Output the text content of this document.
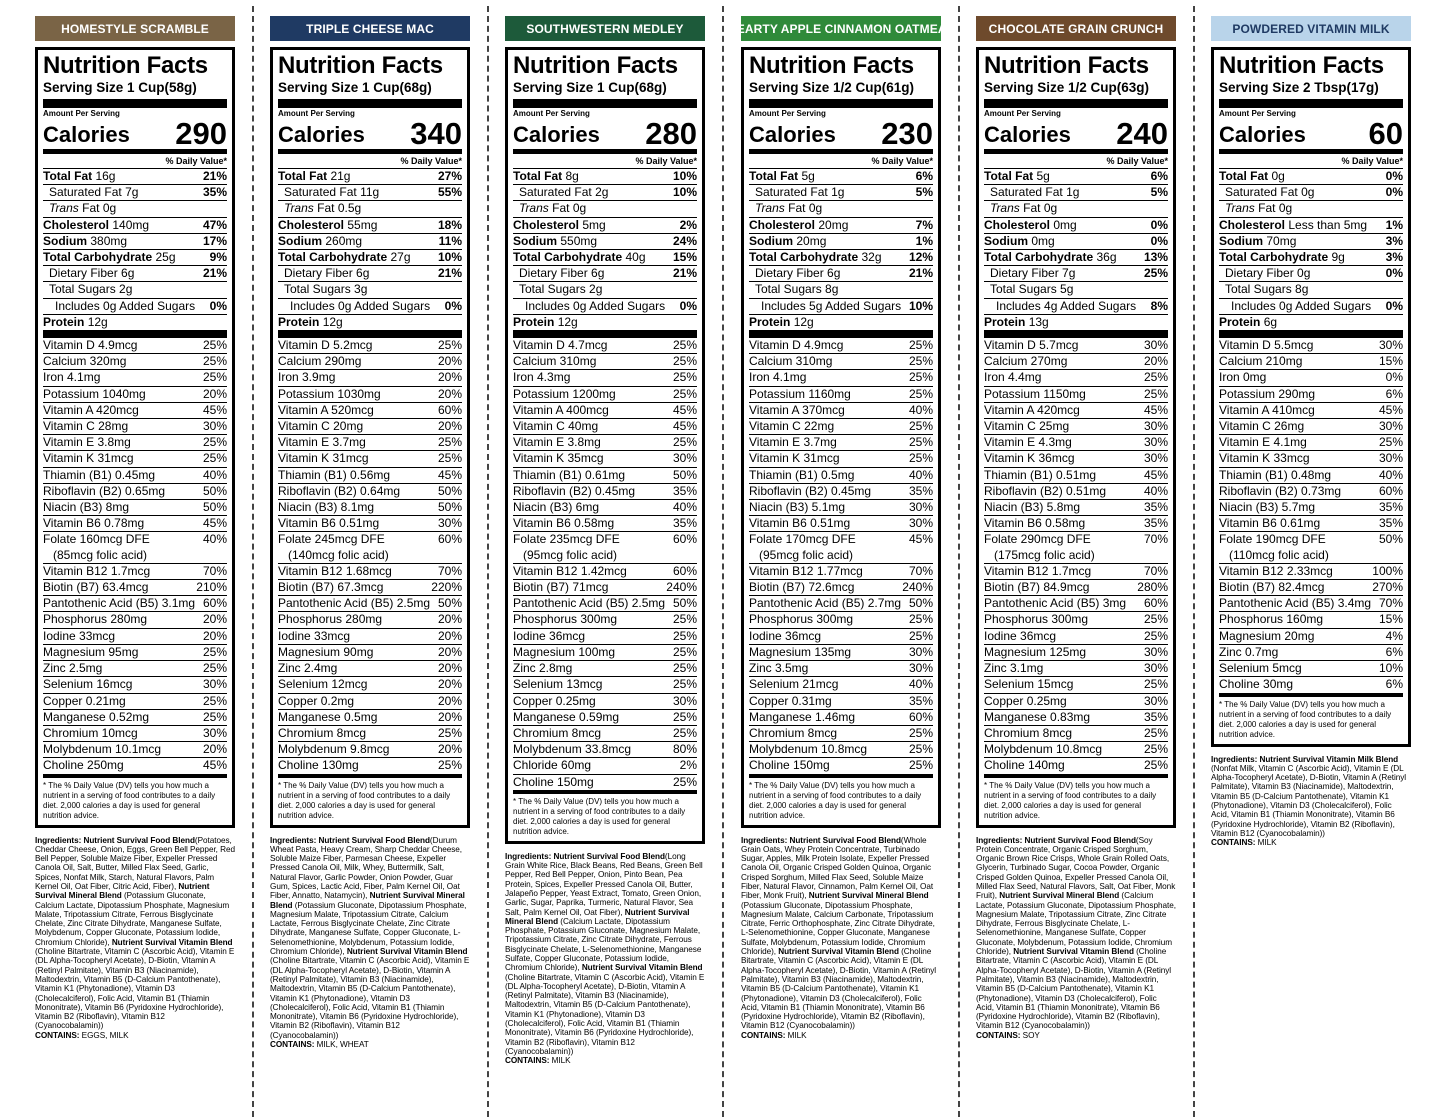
HOMESTYLE SCRAMBLE
Nutrition Facts
Serving Size 1 Cup(58g)
Amount Per Serving
Calories 290
% Daily Value*
Total Fat 16g	21%
Saturated Fat 7g	35%
Trans Fat 0g
Cholesterol 140mg	47%
Sodium 380mg	17%
Total Carbohydrate 25g	9%
Dietary Fiber 6g	21%
Total Sugars 2g
Includes 0g Added Sugars 0%
Protein 12g
Vitamin D 4.9mcg	25%
Calcium 320mg	25%
Iron 4.1mg	25%
Potassium 1040mg	20%
Vitamin A 420mcg	45%
Vitamin C 28mg	30%
Vitamin E 3.8mg	25%
Vitamin K 31mcg	25%
Thiamin (B1) 0.45mg	40%
Riboflavin (B2) 0.65mg	50%
Niacin (B3) 8mg	50%
Vitamin B6 0.78mg	45%
Folate 160mcg DFE	40%
(85mcg folic acid)
Vitamin B12 1.7mcg	70%
Biotin (B7) 63.4mcg	210%
Pantothenic Acid (B5) 3.1mg 60%
Phosphorus 280mg	20%
Iodine 33mcg	20%
Magnesium 95mg	25%
Zinc 2.5mg	25%
Selenium 16mcg	30%
Copper 0.21mg	25%
Manganese 0.52mg	25%
Chromium 10mcg	30%
Molybdenum 10.1mcg	20%
Choline 250mg	45%
* The % Daily Value (DV) tells you how much a nutrient in a serving of food contributes to a daily diet. 2,000 calories a day is used for general nutrition advice.
Ingredients: Nutrient Survival Food Blend(Potatoes, Cheddar Cheese, Onion, Eggs, Green Bell Pepper, Red Bell Pepper, Soluble Maize Fiber, Expeller Pressed Canola Oil, Salt, Butter, Milled Flax Seed, Garlic, Spices, Nonfat Milk, Starch, Natural Flavors, Palm Kernel Oil, Oat Fiber, Citric Acid, Fiber), Nutrient Survival Mineral Blend (Potassium Gluconate, Calcium Lactate, Dipotassium Phosphate, Magnesium Malate, Tripotassium Citrate, Ferrous Bisglycinate Chelate, Zinc Citrate Dihydrate, Manganese Sulfate, Molybdenum, Copper Gluconate, Potassium Iodide, Chromium Chloride), Nutrient Survival Vitamin Blend (Choline Bitartrate, Vitamin C (Ascorbic Acid), Vitamin E (DL Alpha-Tocopheryl Acetate), D-Biotin, Vitamin A (Retinyl Palmitate), Vitamin B3 (Niacinamide), Maltodextrin, Vitamin B5 (D-Calcium Pantothenate), Vitamin K1 (Phytonadione), Vitamin D3 (Cholecalciferol), Folic Acid, Vitamin B1 (Thiamin Mononitrate), Vitamin B6 (Pyridoxine Hydrochloride), Vitamin B2 (Riboflavin), Vitamin B12 (Cyanocobalamin))
CONTAINS: EGGS, MILK
TRIPLE CHEESE MAC
Nutrition Facts
Serving Size 1 Cup(68g)
Amount Per Serving
Calories 340
% Daily Value*
Total Fat 21g	27%
Saturated Fat 11g	55%
Trans Fat 0.5g
Cholesterol 55mg	18%
Sodium 260mg	11%
Total Carbohydrate 27g 10%
Dietary Fiber 6g	21%
Total Sugars 3g
Includes 0g Added Sugars 0%
Protein 12g
Vitamin D 5.2mcg	25%
Calcium 290mg	20%
Iron 3.9mg	20%
Potassium 1030mg	20%
Vitamin A 520mcg	60%
Vitamin C 20mg	20%
Vitamin E 3.7mg	25%
Vitamin K 31mcg	25%
Thiamin (B1) 0.56mg	45%
Riboflavin (B2) 0.64mg	50%
Niacin (B3) 8.1mg	50%
Vitamin B6 0.51mg	30%
Folate 245mcg DFE	60%
(140mcg folic acid)
Vitamin B12 1.68mcg	70%
Biotin (B7) 67.3mcg	220%
Pantothenic Acid (B5) 2.5mg 50%
Phosphorus 280mg	20%
Iodine 33mcg	20%
Magnesium 90mg	20%
Zinc 2.4mg	20%
Selenium 12mcg	20%
Copper 0.2mg	20%
Manganese 0.5mg	20%
Chromium 8mcg	25%
Molybdenum 9.8mcg	20%
Choline 130mg	25%
* The % Daily Value (DV) tells you how much a nutrient in a serving of food contributes to a daily diet. 2,000 calories a day is used for general nutrition advice.
Ingredients: Nutrient Survival Food Blend(Durum Wheat Pasta, Heavy Cream, Sharp Cheddar Cheese, Soluble Maize Fiber, Parmesan Cheese, Expeller Pressed Canola Oil, Milk, Whey, Buttermilk, Salt, Natural Flavor, Garlic Powder, Onion Powder, Guar Gum, Spices, Lactic Acid, Fiber, Palm Kernel Oil, Oat Fiber, Annatto, Natamycin), Nutrient Survival Mineral Blend (Potassium Gluconate, Dipotassium Phosphate, Magnesium Malate, Tripotassium Citrate, Calcium Lactate, Ferrous Bisglycinate Chelate, Zinc Citrate Dihydrate, Manganese Sulfate, Copper Gluconate, L-Selenomethionine, Molybdenum, Potassium Iodide, Chromium Chloride), Nutrient Survival Vitamin Blend (Choline Bitartrate, Vitamin C (Ascorbic Acid), Vitamin E (DL Alpha-Tocopheryl Acetate), D-Biotin, Vitamin A (Retinyl Palmitate), Vitamin B3 (Niacinamide), Maltodextrin, Vitamin B5 (D-Calcium Pantothenate), Vitamin K1 (Phytonadione), Vitamin D3 (Cholecalciferol), Folic Acid, Vitamin B1 (Thiamin Mononitrate), Vitamin B6 (Pyridoxine Hydrochloride), Vitamin B2 (Riboflavin), Vitamin B12 (Cyanocobalamin))
CONTAINS: MILK, WHEAT
SOUTHWESTERN MEDLEY
Nutrition Facts
Serving Size 1 Cup(68g)
Amount Per Serving
Calories 280
% Daily Value*
Total Fat 8g	10%
Saturated Fat 2g	10%
Trans Fat 0g
Cholesterol 5mg	2%
Sodium 550mg	24%
Total Carbohydrate 40g 15%
Dietary Fiber 6g	21%
Total Sugars 2g
Includes 0g Added Sugars 0%
Protein 12g
Vitamin D 4.7mcg	25%
Calcium 310mg	25%
Iron 4.3mg	25%
Potassium 1200mg	25%
Vitamin A 400mcg	45%
Vitamin C 40mg	45%
Vitamin E 3.8mg	25%
Vitamin K 35mcg	30%
Thiamin (B1) 0.61mg	50%
Riboflavin (B2) 0.45mg	35%
Niacin (B3) 6mg	40%
Vitamin B6 0.58mg	35%
Folate 235mcg DFE	60%
(95mcg folic acid)
Vitamin B12 1.42mcg	60%
Biotin (B7) 71mcg	240%
Pantothenic Acid (B5) 2.5mg 50%
Phosphorus 300mg	25%
Iodine 36mcg	25%
Magnesium 100mg	25%
Zinc 2.8mg	25%
Selenium 13mcg	25%
Copper 0.25mg	30%
Manganese 0.59mg	25%
Chromium 8mcg	25%
Molybdenum 33.8mcg	80%
Chloride 60mg	2%
Choline 150mg	25%
* The % Daily Value (DV) tells you how much a nutrient in a serving of food contributes to a daily diet. 2,000 calories a day is used for general nutrition advice.
Ingredients: Nutrient Survival Food Blend(Long Grain White Rice, Black Beans, Red Beans, Green Bell Pepper, Red Bell Pepper, Onion, Pinto Bean, Pea Protein, Spices, Expeller Pressed Canola Oil, Butter, Jalapeño Pepper, Yeast Extract, Tomato, Green Onion, Garlic, Sugar, Paprika, Turmeric, Natural Flavor, Sea Salt, Palm Kernel Oil, Oat Fiber), Nutrient Survival Mineral Blend (Calcium Lactate, Dipotassium Phosphate, Potassium Gluconate, Magnesium Malate, Tripotassium Citrate, Zinc Citrate Dihydrate, Ferrous Bisglycinate Chelate, L-Selenomethionine, Manganese Sulfate, Copper Gluconate, Potassium Iodide, Chromium Chloride), Nutrient Survival Vitamin Blend (Choline Bitartrate, Vitamin C (Ascorbic Acid), Vitamin E (DL Alpha-Tocopheryl Acetate), D-Biotin, Vitamin A (Retinyl Palmitate), Vitamin B3 (Niacinamide), Maltodextrin, Vitamin B5 (D-Calcium Pantothenate), Vitamin K1 (Phytonadione), Vitamin D3 (Cholecalciferol), Folic Acid, Vitamin B1 (Thiamin Mononitrate), Vitamin B6 (Pyridoxine Hydrochloride), Vitamin B2 (Riboflavin), Vitamin B12 (Cyanocobalamin))
CONTAINS: MILK
HEARTY APPLE CINNAMON OATMEAL
Nutrition Facts
Serving Size 1/2 Cup(61g)
Amount Per Serving
Calories 230
% Daily Value*
Total Fat 5g	6%
Saturated Fat 1g	5%
Trans Fat 0g
Cholesterol 20mg	7%
Sodium 20mg	1%
Total Carbohydrate 32g 12%
Dietary Fiber 6g	21%
Total Sugars 8g
Includes 5g Added Sugars 10%
Protein 12g
Vitamin D 4.9mcg	25%
Calcium 310mg	25%
Iron 4.1mg	25%
Potassium 1160mg	25%
Vitamin A 370mcg	40%
Vitamin C 22mg	25%
Vitamin E 3.7mg	25%
Vitamin K 31mcg	25%
Thiamin (B1) 0.5mg	40%
Riboflavin (B2) 0.45mg	35%
Niacin (B3) 5.1mg	30%
Vitamin B6 0.51mg	30%
Folate 170mcg DFE	45%
(95mcg folic acid)
Vitamin B12 1.77mcg	70%
Biotin (B7) 72.6mcg	240%
Pantothenic Acid (B5) 2.7mg 50%
Phosphorus 300mg	25%
Iodine 36mcg	25%
Magnesium 135mg	30%
Zinc 3.5mg	30%
Selenium 21mcg	40%
Copper 0.31mg	35%
Manganese 1.46mg	60%
Chromium 8mcg	25%
Molybdenum 10.8mcg	25%
Choline 150mg	25%
* The % Daily Value (DV) tells you how much a nutrient in a serving of food contributes to a daily diet. 2,000 calories a day is used for general nutrition advice.
Ingredients: Nutrient Survival Food Blend(Whole Grain Oats, Whey Protein Concentrate, Turbinado Sugar, Apples, Milk Protein Isolate, Expeller Pressed Canola Oil, Organic Crisped Golden Quinoa, Organic Crisped Sorghum, Milled Flax Seed, Soluble Maize Fiber, Natural Flavor, Cinnamon, Palm Kernel Oil, Oat Fiber, Monk Fruit), Nutrient Survival Mineral Blend (Potassium Gluconate, Dipotassium Phosphate, Magnesium Malate, Calcium Carbonate, Tripotassium Citrate, Ferric Orthophosphate, Zinc Citrate Dihydrate, L-Selenomethionine, Copper Gluconate, Manganese Sulfate, Molybdenum, Potassium Iodide, Chromium Chloride), Nutrient Survival Vitamin Blend (Choline Bitartrate, Vitamin C (Ascorbic Acid), Vitamin E (DL Alpha-Tocopheryl Acetate), D-Biotin, Vitamin A (Retinyl Palmitate), Vitamin B3 (Niacinamide), Maltodextrin, Vitamin B5 (D-Calcium Pantothenate), Vitamin K1 (Phytonadione), Vitamin D3 (Cholecalciferol), Folic Acid, Vitamin B1 (Thiamin Mononitrate), Vitamin B6 (Pyridoxine Hydrochloride), Vitamin B2 (Riboflavin), Vitamin B12 (Cyanocobalamin))
CONTAINS: MILK
CHOCOLATE GRAIN CRUNCH
Nutrition Facts
Serving Size 1/2 Cup(63g)
Amount Per Serving
Calories 240
% Daily Value*
Total Fat 5g	6%
Saturated Fat 1g	5%
Trans Fat 0g
Cholesterol 0mg	0%
Sodium 0mg	0%
Total Carbohydrate 36g 13%
Dietary Fiber 7g	25%
Total Sugars 5g
Includes 4g Added Sugars 8%
Protein 13g
Vitamin D 5.7mcg	30%
Calcium 270mg	20%
Iron 4.4mg	25%
Potassium 1150mg	25%
Vitamin A 420mcg	45%
Vitamin C 25mg	30%
Vitamin E 4.3mg	30%
Vitamin K 36mcg	30%
Thiamin (B1) 0.51mg	45%
Riboflavin (B2) 0.51mg	40%
Niacin (B3) 5.8mg	35%
Vitamin B6 0.58mg	35%
Folate 290mcg DFE	70%
(175mcg folic acid)
Vitamin B12 1.7mcg	70%
Biotin (B7) 84.9mcg	280%
Pantothenic Acid (B5) 3mg 60%
Phosphorus 300mg	25%
Iodine 36mcg	25%
Magnesium 125mg	30%
Zinc 3.1mg	30%
Selenium 15mcg	25%
Copper 0.25mg	30%
Manganese 0.83mg	35%
Chromium 8mcg	25%
Molybdenum 10.8mcg	25%
Choline 140mg	25%
* The % Daily Value (DV) tells you how much a nutrient in a serving of food contributes to a daily diet. 2,000 calories a day is used for general nutrition advice.
Ingredients: Nutrient Survival Food Blend(Soy Protein Concentrate, Organic Crisped Sorghum, Organic Brown Rice Crisps, Whole Grain Rolled Oats, Glycerin, Turbinado Sugar, Cocoa Powder, Organic Crisped Golden Quinoa, Expeller Pressed Canola Oil, Milled Flax Seed, Natural Flavors, Salt, Oat Fiber, Monk Fruit), Nutrient Survival Mineral Blend (Calcium Lactate, Potassium Gluconate, Dipotassium Phosphate, Magnesium Malate, Tripotassium Citrate, Zinc Citrate Dihydrate, Ferrous Bisglycinate Chelate, L-Selenomethionine, Manganese Sulfate, Copper Gluconate, Molybdenum, Potassium Iodide, Chromium Chloride), Nutrient Survival Vitamin Blend (Choline Bitartrate, Vitamin C (Ascorbic Acid), Vitamin E (DL Alpha-Tocopheryl Acetate), D-Biotin, Vitamin A (Retinyl Palmitate), Vitamin B3 (Niacinamide), Maltodextrin, Vitamin B5 (D-Calcium Pantothenate), Vitamin K1 (Phytonadione), Vitamin D3 (Cholecalciferol), Folic Acid, Vitamin B1 (Thiamin Mononitrate), Vitamin B6 (Pyridoxine Hydrochloride), Vitamin B2 (Riboflavin), Vitamin B12 (Cyanocobalamin))
CONTAINS: SOY
POWDERED VITAMIN MILK
Nutrition Facts
Serving Size 2 Tbsp(17g)
Amount Per Serving
Calories 60
% Daily Value*
Total Fat 0g	0%
Saturated Fat 0g	0%
Trans Fat 0g
Cholesterol Less than 5mg 1%
Sodium 70mg	3%
Total Carbohydrate 9g	3%
Dietary Fiber 0g	0%
Total Sugars 8g
Includes 0g Added Sugars 0%
Protein 6g
Vitamin D 5.5mcg	30%
Calcium 210mg	15%
Iron 0mg	0%
Potassium 290mg	6%
Vitamin A 410mcg	45%
Vitamin C 26mg	30%
Vitamin E 4.1mg	25%
Vitamin K 33mcg	30%
Thiamin (B1) 0.48mg	40%
Riboflavin (B2) 0.73mg	60%
Niacin (B3) 5.7mg	35%
Vitamin B6 0.61mg	35%
Folate 190mcg DFE	50%
(110mcg folic acid)
Vitamin B12 2.33mcg	100%
Biotin (B7) 82.4mcg	270%
Pantothenic Acid (B5) 3.4mg 70%
Phosphorus 160mg	15%
Magnesium 20mg	4%
Zinc 0.7mg	6%
Selenium 5mcg	10%
Choline 30mg	6%
* The % Daily Value (DV) tells you how much a nutrient in a serving of food contributes to a daily diet. 2,000 calories a day is used for general nutrition advice.
Ingredients: Nutrient Survival Vitamin Milk Blend (Nonfat Milk, Vitamin C (Ascorbic Acid), Vitamin E (DL Alpha-Tocopheryl Acetate), D-Biotin, Vitamin A (Retinyl Palmitate), Vitamin B3 (Niacinamide), Maltodextrin, Vitamin B5 (D-Calcium Pantothenate), Vitamin K1 (Phytonadione), Vitamin D3 (Cholecalciferol), Folic Acid, Vitamin B1 (Thiamin Mononitrate), Vitamin B6 (Pyridoxine Hydrochloride), Vitamin B2 (Riboflavin), Vitamin B12 (Cyanocobalamin))
CONTAINS: MILK
